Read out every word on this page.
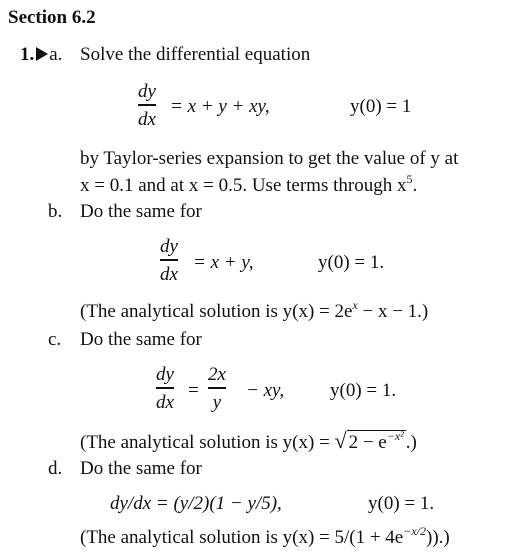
Section 6.2
1. a. Solve the differential equation
dy
dx
= x + y + xy,	y(0) = 1
by Taylor-series expansion to get the value of y at
x = 0.1 and at x = 0.5. Use terms through $x^5$.
b. Do the same for
dy
dx
= x + y,	y(0) = 1.
(The analytical solution is $y(x) = 2e^x - x - 1$.)
c. Do the same for
dy
dx
=
2x
y
− xy, y(0) = 1.
(The analytical solution is y(x) = √ $2 - e^{-x^2}$ .)
d. Do the same for
dy/dx = (y/2)(1 − y/5),	y(0) = 1.
(The analytical solution is $y(x) = 5/(1 + 4e^{-x/2})$).)
